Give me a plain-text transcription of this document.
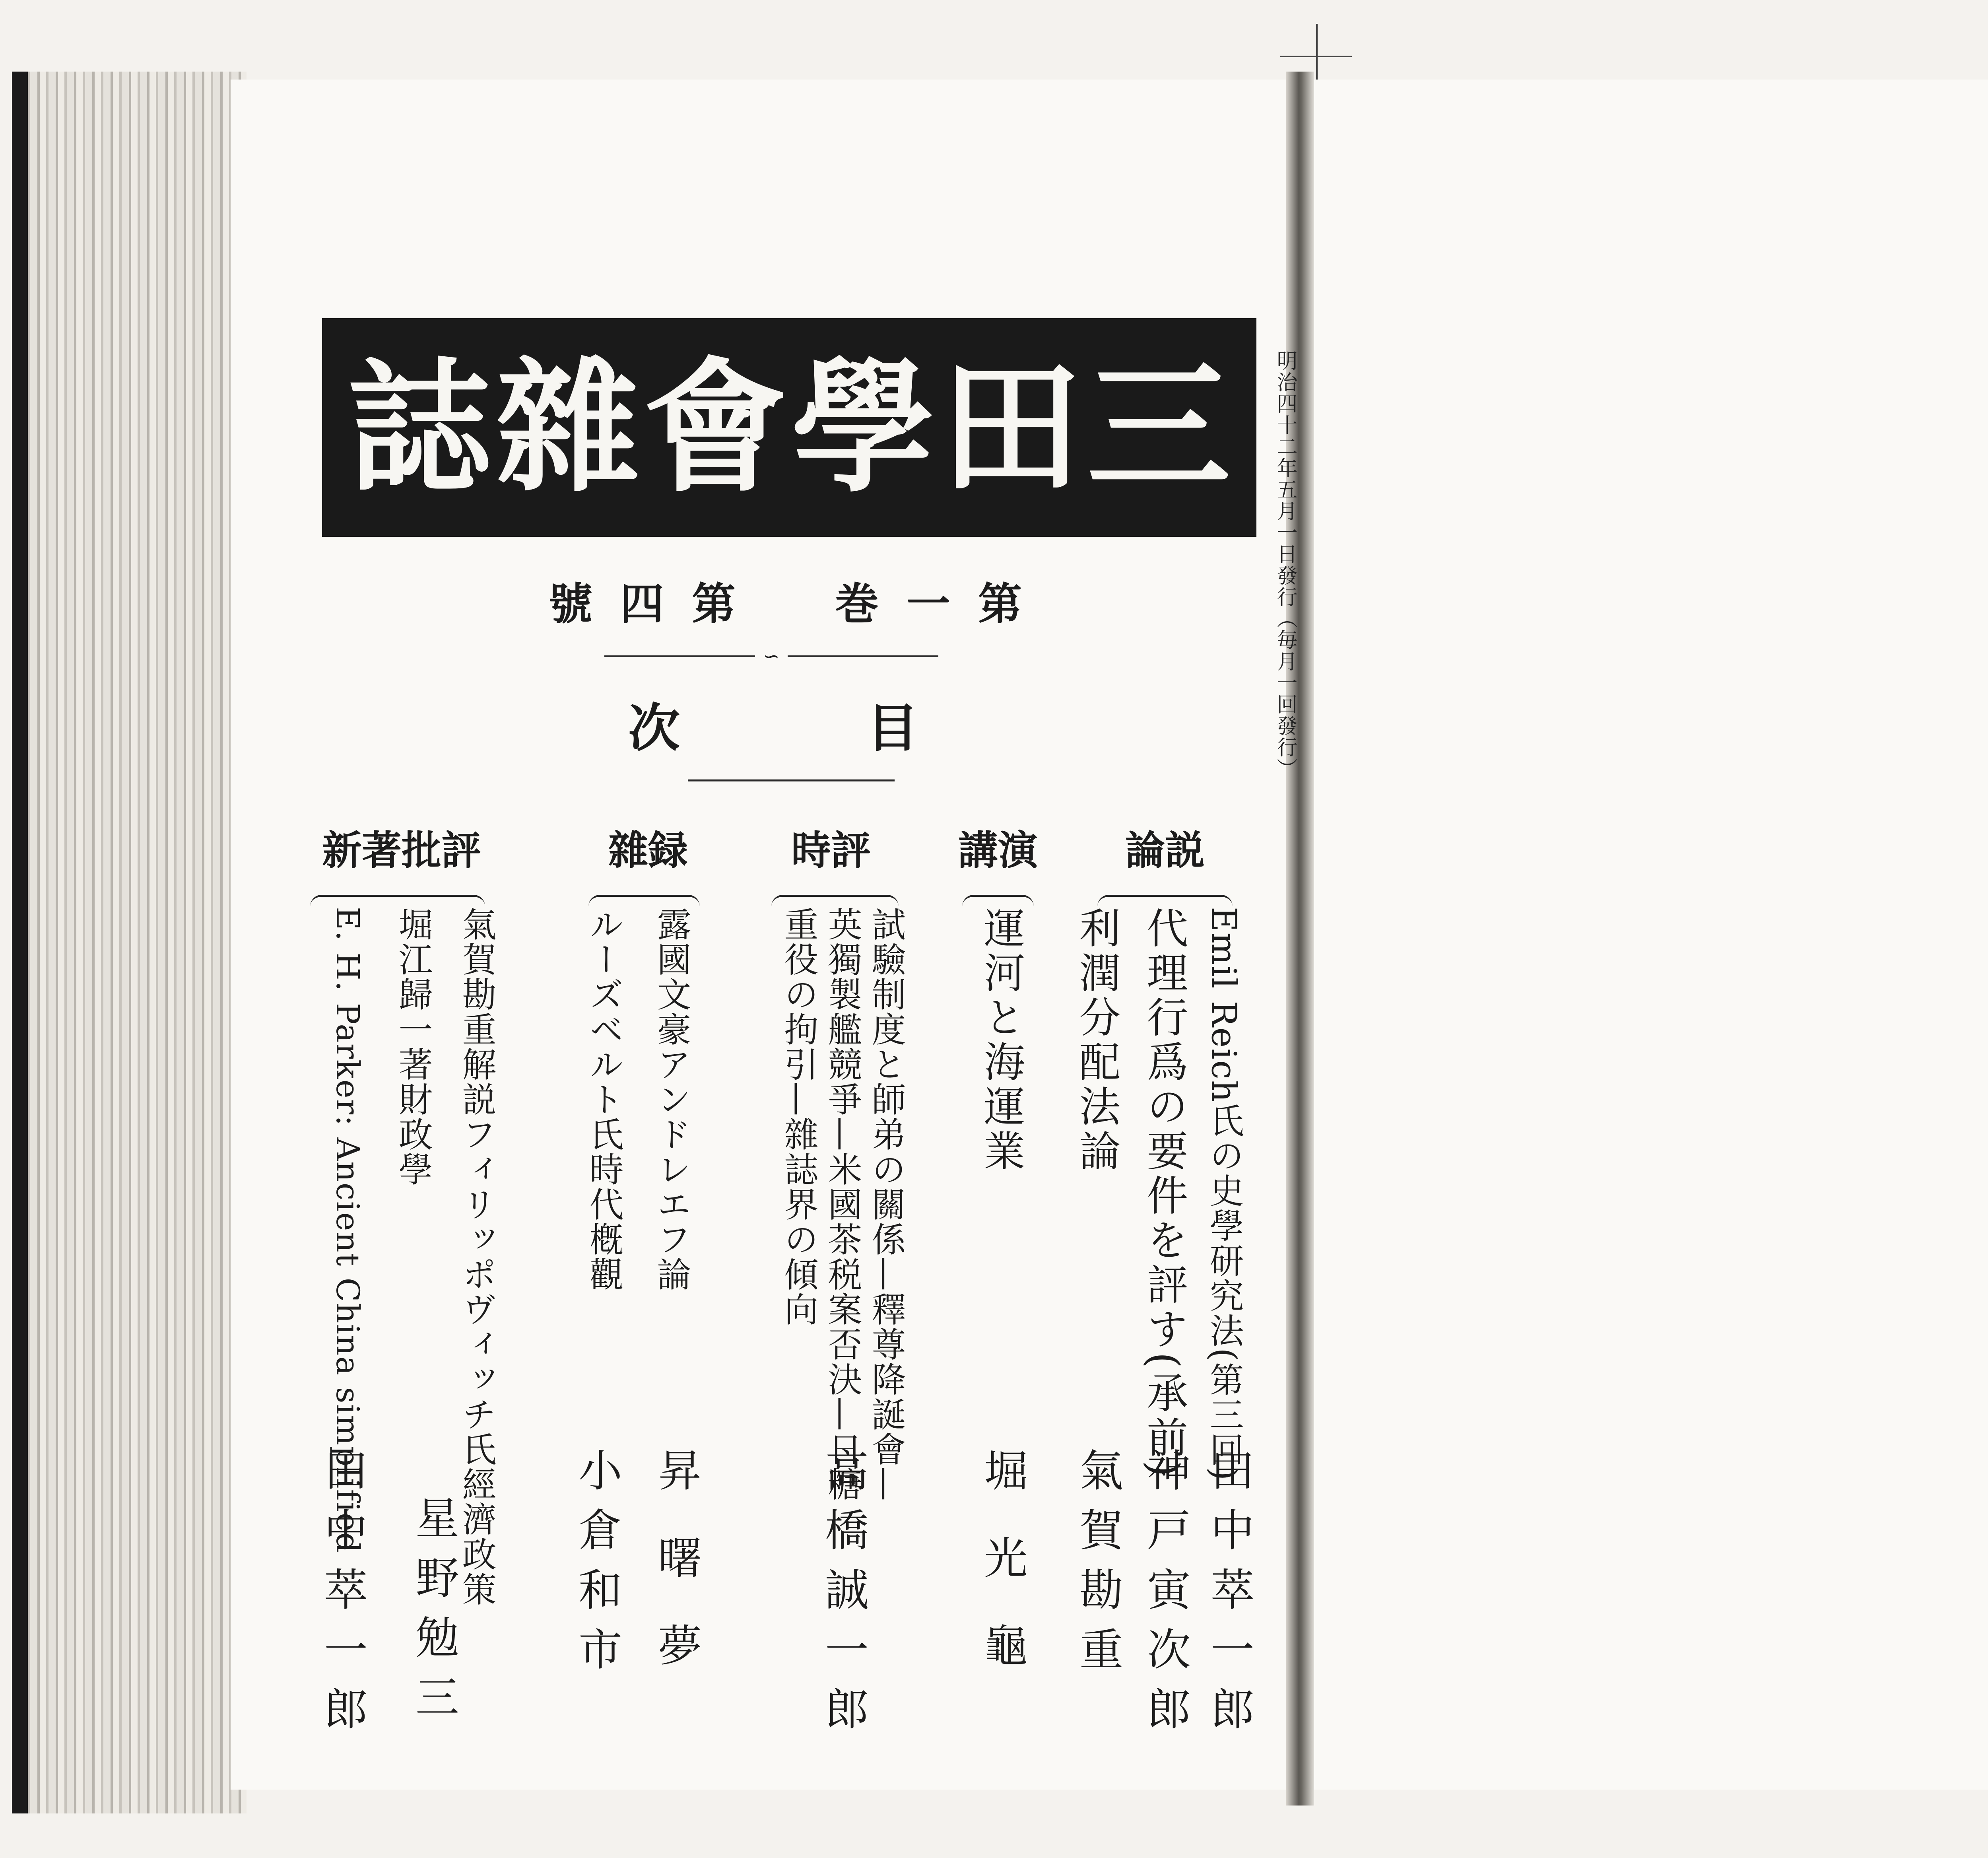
誌 雜 會 學 田 三
號 四 第 巻 一 第
∽
次	目	明治四十二年五月一日發行（毎月一回發行）
論説
講演
時評
雜録
新著批評
Emil Reich氏の史學研究法(第三回)
田中萃一郎
代理行爲の要件を評す(承前)
神戸寅次郎
利潤分配法論
氣賀勘重
運河と海運業
堀光龜
試驗制度と師弟の關係—釋尊降誕會—
英獨製艦競爭—米國茶税案否決—日糖
高橋誠一郎
重役の拘引—雜誌界の傾向
露國文豪アンドレエフ論
昇曙夢
ルーズベルト氏時代槪觀
小倉和市
氣賀勘重解説フィリッポヴィッチ氏經濟政策
星野勉三
堀江歸一著財政學
E. H. Parker: Ancient China simplified
田中萃一郎
